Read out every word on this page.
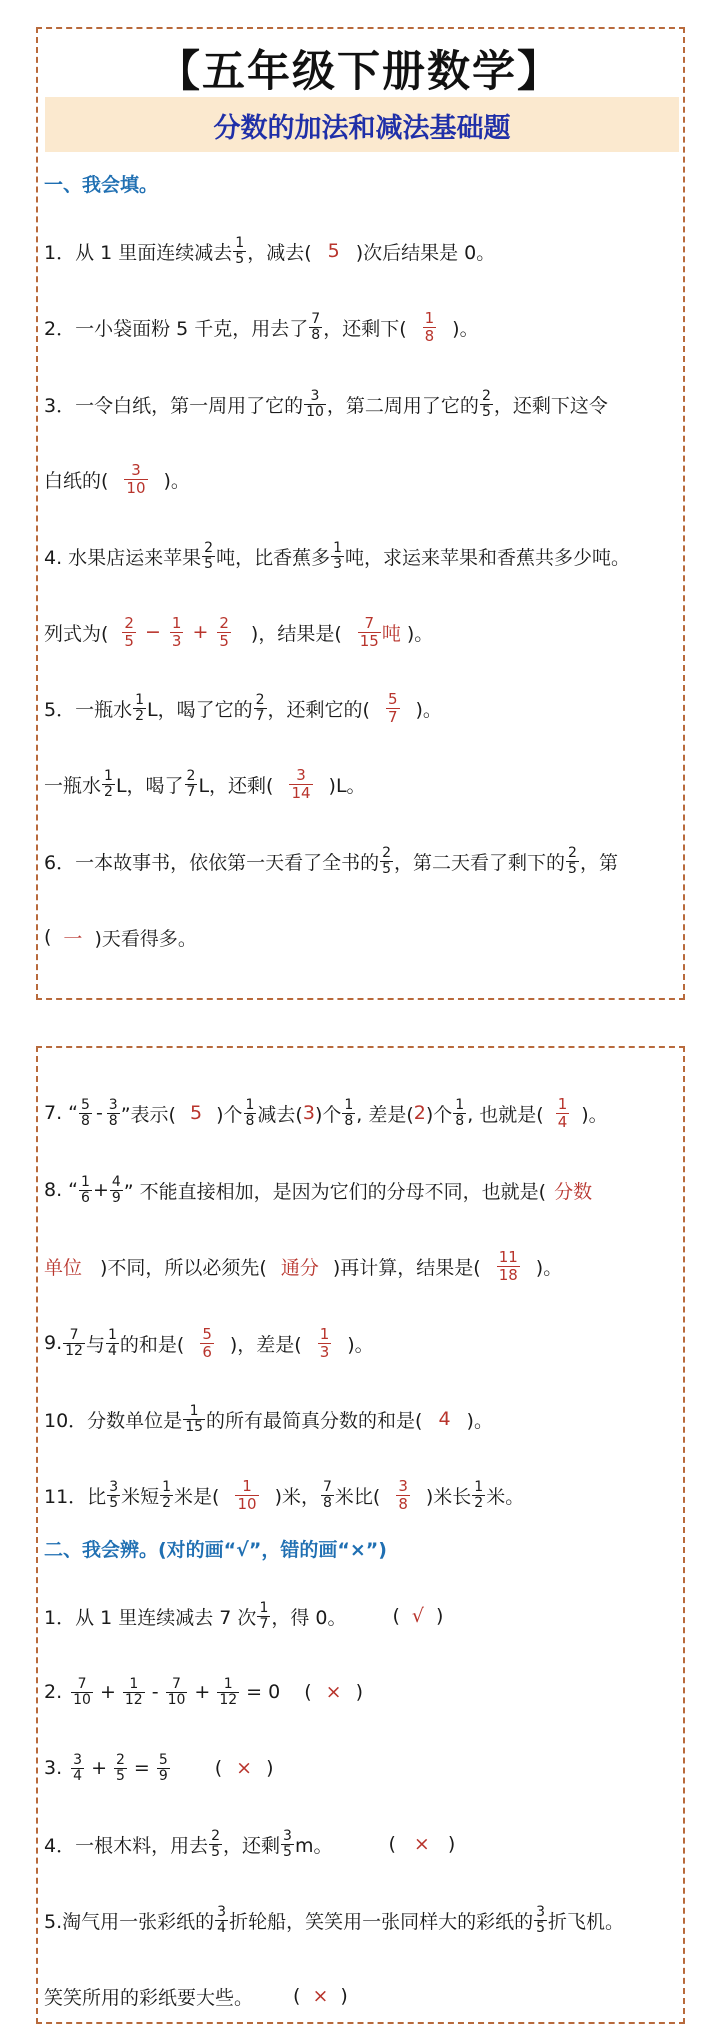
【五年级下册数学】
分数的加法和减法基础题
一、我会填。
1．从 1 里面连续减去 1
5 ，减去( 5 )次后结果是 0。
2．一小袋面粉 5 千克，用去了 7
8 ，还剩下( 1
8 )。
3．一令白纸，第一周用了它的 3
10 ，第二周用了它的 2
5 ，还剩下这令
白纸的( 3
10 )。
4. 水果店运来苹果 2
5 吨，比香蕉多 1
3 吨，求运来苹果和香蕉共多少吨。
列式为( 2
$5 - \frac{1}{3} + \frac{2}{5}$ )，结果是( 7
15 吨 )。
5．一瓶水 1
2 L，喝了它的 2
7 ，还剩它的( 5
7 )。
一瓶水 1
2 L，喝了 2
7 L，还剩( 3
14 )L。
6．一本故事书，依依第一天看了全书的 2
5 ，第二天看了剩下的 2
5 ，第
( 一 )天看得多。
7. “ 5
8 - 3
8 ”表示( 5 )个 1
8 减去( 3 )个 1
8 , 差是( 2 )个 1
8 , 也就是( 1
4 )。
8. “ 1
$6 + \frac{4}{9}$ ” 不能直接相加，是因为它们的分母不同，也就是( 分数
单位 )不同，所以必须先( 通分 )再计算，结果是( 11
18 )。
9. 7
12 与 1
4 的和是( 5
6 )，差是( 1
3 )。
10．分数单位是 1
15 的所有最简真分数的和是( 4 )。
11．比 3
5 米短 1
2 米是( 1
10 )米， 7
8 米比( 3
8 )米长 1
2 米。
二、我会辨。(对的画“√”，错的画“×”)
1．从 1 里连续减去 7 次 1
7 ，得 0。 ( √ )
2. 7
$10 + \frac{1}{12} - 7$
$10 + \frac{1}{12} = 0$ ( × )
3. 3
$4 + \frac{2}{5} = \frac{5}{9}$ ( × )
4．一根木料，用去 2
5 ，还剩 3
5 m。	( × )
5.淘气用一张彩纸的 3
4 折轮船，笑笑用一张同样大的彩纸的 3
5 折飞机。
笑笑所用的彩纸要大些。 ( × )
